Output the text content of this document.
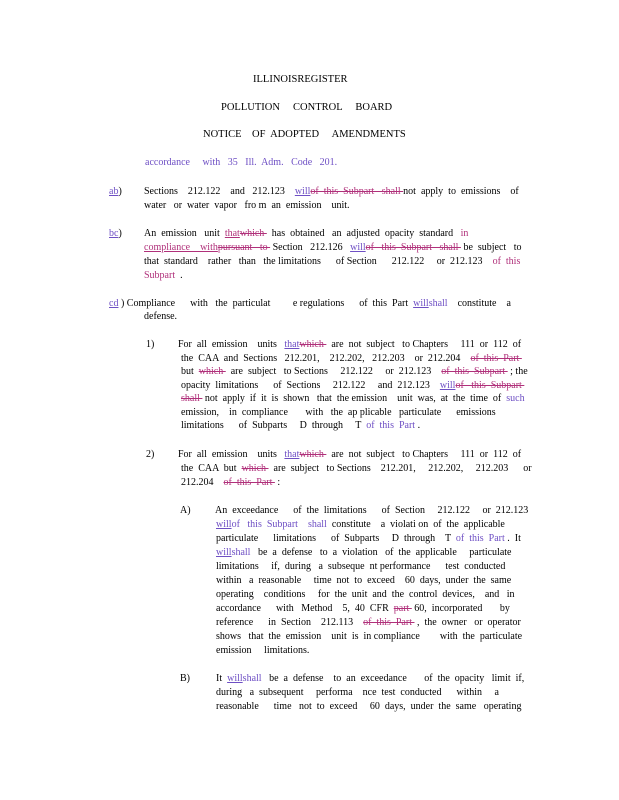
ILLINOISREGISTER
POLLUTION     CONTROL     BOARD
NOTICE    OF  ADOPTED     AMENDMENTS
accordance     with   35   Ill.  Adm.   Code   201.
ab) Sections    212.122    and   212.123    willof  this  Subpart   shall not  apply  to  emissions    of
water   or  water  vapor   fro m  an  emission    unit.
bc) An  emission   unit  thatwhich   has  obtained   an  adjusted  opacity  standard   in
compliance    withpursuant   to  Section   212.126   willof   this  Subpart   shall  be  subject   to
that  standard    rather   than   the limitations      of Section      212.122     or  212.123    of  this
Subpart  .
cd ) Compliance      with   the  particulat         e regulations      of  this  Part  willshall    constitute    a
defense.
1) For  all  emission    units   thatwhich   are  not  subject   to Chapters     111  or  112  of
the  CAA  and  Sections   212.201,    212.202,   212.203    or  212.204    of  this  Part
but  which   are  subject   to Sections     212.122     or  212.123    of  this  Subpart  ; the
opacity  limitations      of  Sections     212.122     and  212.123    willof   this  Subpart
shall  not  apply  if  it  is  shown   that  the emission    unit  was,  at  the  time  of  such
emission,    in  compliance       with   the  ap plicable   particulate      emissions
limitations      of  Subparts     D  through     T  of  this  Part .
2) For  all  emission    units   thatwhich   are  not  subject   to Chapters     111  or  112  of
the  CAA  but  which   are  subject   to Sections    212.201,     212.202,     212.203      or
212.204    of  this  Part  :
A) An  exceedance      of  the  limitations      of  Section     212.122     or  212.123
willof   this  Subpart    shall  constitute    a  violati on  of  the  applicable
particulate      limitations      of  Subparts     D  through    T  of  this  Part .  It
willshall   be  a  defense   to  a  violation   of  the  applicable     particulate
limitations     if,  during   a  subseque  nt performance      test  conducted
within   a  reasonable     time  not  to  exceed    60  days,  under  the  same
operating    conditions     for  the  unit  and  the  control  devices,    and   in
accordance      with   Method    5,  40  CFR  part  60,  incorporated       by
reference      in  Section    212.113    of  this  Part  ,  the  owner   or  operator
shows   that  the  emission    unit  is  in compliance        with  the  particulate
emission     limitations.
B)	It  willshall   be  a  defense    to  an  exceedance       of  the  opacity   limit  if,
during   a  subsequent     performa    nce  test  conducted      within     a
reasonable      time   not  to  exceed     60  days,  under  the  same   operating
